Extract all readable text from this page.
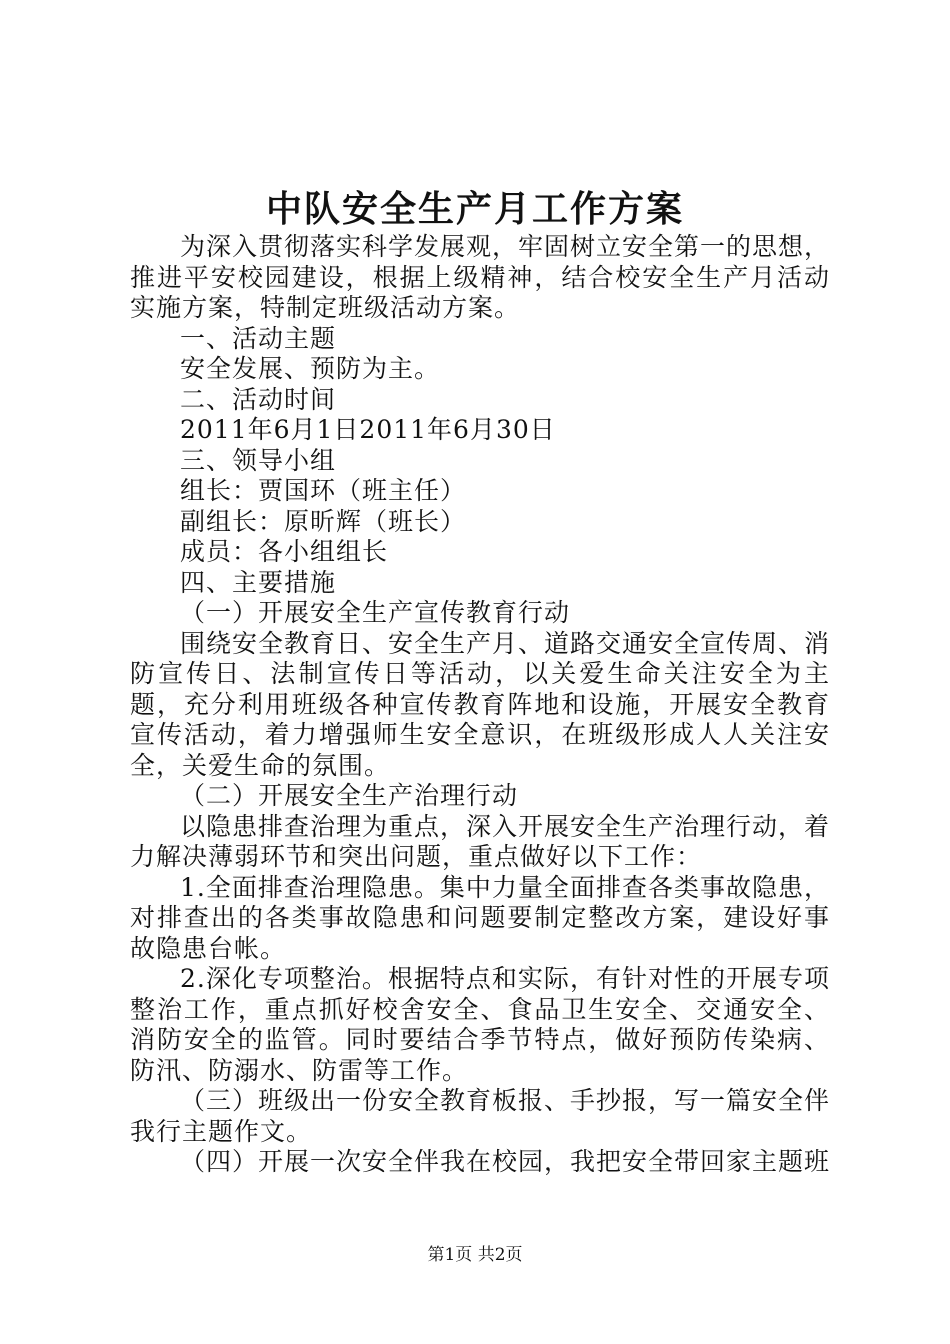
中队安全生产月工作方案

为深入贯彻落实科学发展观，牢固树立安全第一的思想，推进平安校园建设，根据上级精神，结合校安全生产月活动实施方案，特制定班级活动方案。

一、活动主题

安全发展、预防为主。

二、活动时间

2011年6月1日2011年6月30日

三、领导小组

组长：贾国环（班主任）

副组长：原昕辉（班长）

成员：各小组组长

四、主要措施

（一）开展安全生产宣传教育行动

围绕安全教育日、安全生产月、道路交通安全宣传周、消防宣传日、法制宣传日等活动，以关爱生命关注安全为主题，充分利用班级各种宣传教育阵地和设施，开展安全教育宣传活动，着力增强师生安全意识，在班级形成人人关注安全，关爱生命的氛围。

（二）开展安全生产治理行动

以隐患排查治理为重点，深入开展安全生产治理行动，着力解决薄弱环节和突出问题，重点做好以下工作：

1.全面排查治理隐患。集中力量全面排查各类事故隐患，对排查出的各类事故隐患和问题要制定整改方案，建设好事故隐患台帐。

2.深化专项整治。根据特点和实际，有针对性的开展专项整治工作，重点抓好校舍安全、食品卫生安全、交通安全、消防安全的监管。同时要结合季节特点，做好预防传染病、防汛、防溺水、防雷等工作。

（三）班级出一份安全教育板报、手抄报，写一篇安全伴我行主题作文。

（四）开展一次安全伴我在校园，我把安全带回家主题班

第1页 共2页
